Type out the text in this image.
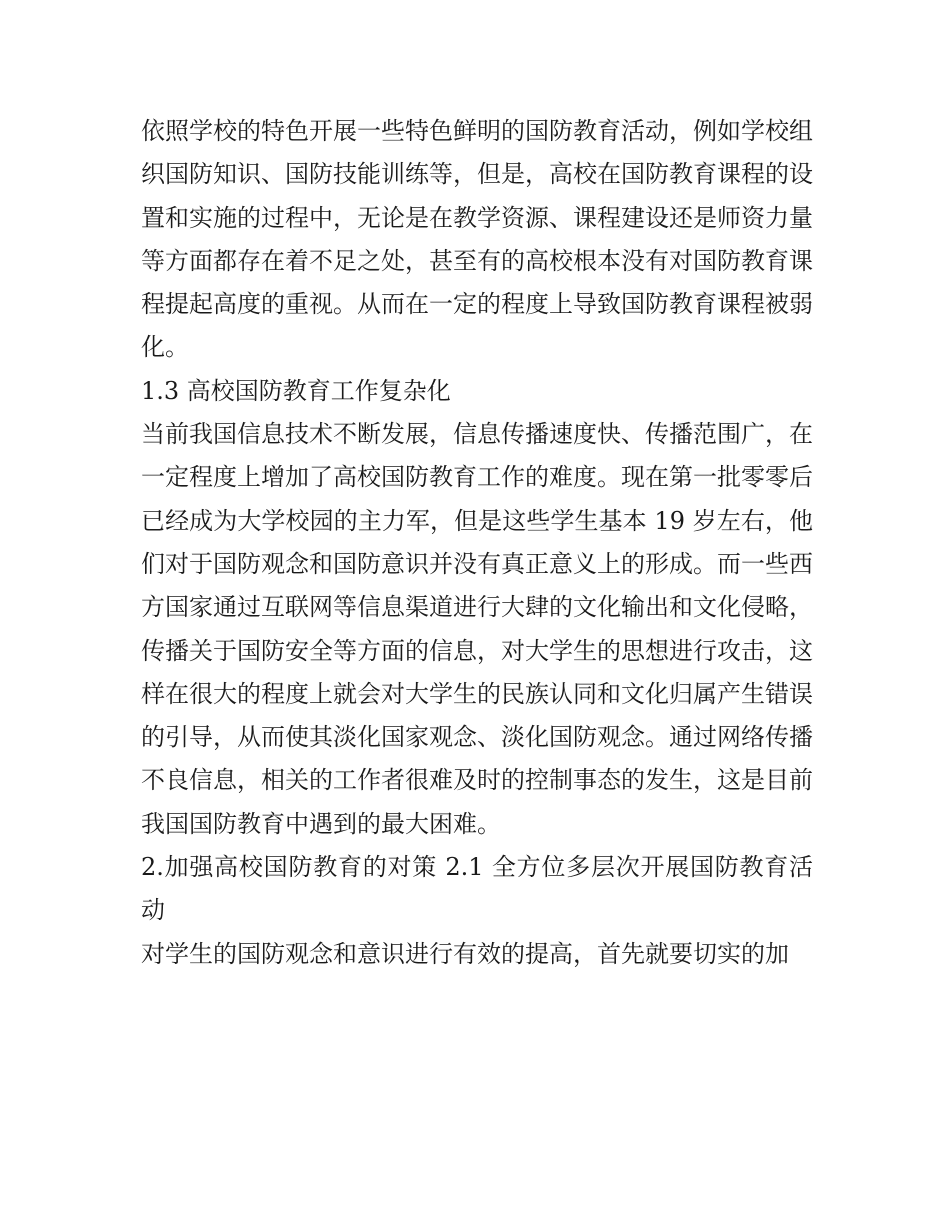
依照学校的特色开展一些特色鲜明的国防教育活动，例如学校组织国防知识、国防技能训练等，但是，高校在国防教育课程的设置和实施的过程中，无论是在教学资源、课程建设还是师资力量等方面都存在着不足之处，甚至有的高校根本没有对国防教育课程提起高度的重视。从而在一定的程度上导致国防教育课程被弱化。

1.3 高校国防教育工作复杂化

当前我国信息技术不断发展，信息传播速度快、传播范围广，在一定程度上增加了高校国防教育工作的难度。现在第一批零零后已经成为大学校园的主力军，但是这些学生基本 19 岁左右，他们对于国防观念和国防意识并没有真正意义上的形成。而一些西方国家通过互联网等信息渠道进行大肆的文化输出和文化侵略，传播关于国防安全等方面的信息，对大学生的思想进行攻击，这样在很大的程度上就会对大学生的民族认同和文化归属产生错误的引导，从而使其淡化国家观念、淡化国防观念。通过网络传播不良信息，相关的工作者很难及时的控制事态的发生，这是目前我国国防教育中遇到的最大困难。

2.加强高校国防教育的对策 2.1 全方位多层次开展国防教育活动

对学生的国防观念和意识进行有效的提高，首先就要切实的加
